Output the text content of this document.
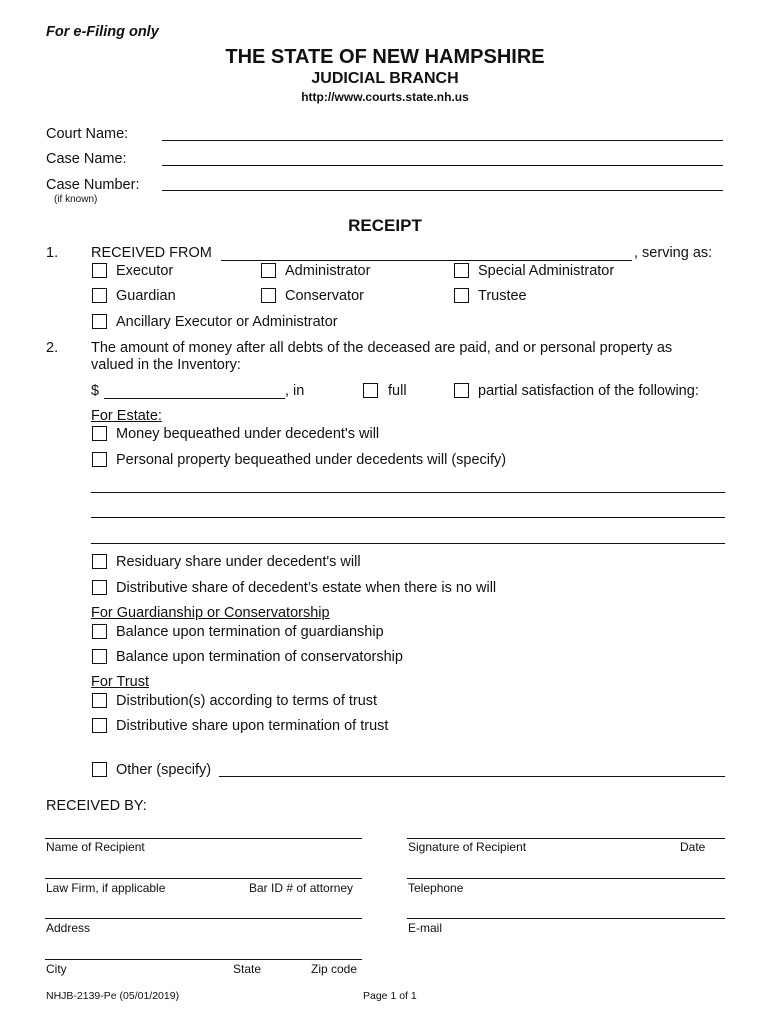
For e-Filing only
THE STATE OF NEW HAMPSHIRE
JUDICIAL BRANCH
http://www.courts.state.nh.us
Court Name:
Case Name:
Case Number:
(if known)
RECEIPT
1. RECEIVED FROM	, serving as:
Executor	Administrator	Special Administrator
Guardian	Conservator	Trustee
Ancillary Executor or Administrator
2. The amount of money after all debts of the deceased are paid, and or personal property as
valued in the Inventory:
$	, in	full	partial satisfaction of the following:
For Estate:
Money bequeathed under decedent's will
Personal property bequeathed under decedents will (specify)
Residuary share under decedent's will
Distributive share of decedent’s estate when there is no will
For Guardianship or Conservatorship
Balance upon termination of guardianship
Balance upon termination of conservatorship
For Trust
Distribution(s) according to terms of trust
Distributive share upon termination of trust
Other (specify)
RECEIVED BY:
Name of Recipient	Signature of Recipient	Date
Law Firm, if applicable	Bar ID # of attorney	Telephone
Address	E-mail
City	State	Zip code
NHJB-2139-Pe (05/01/2019)	Page 1 of 1
